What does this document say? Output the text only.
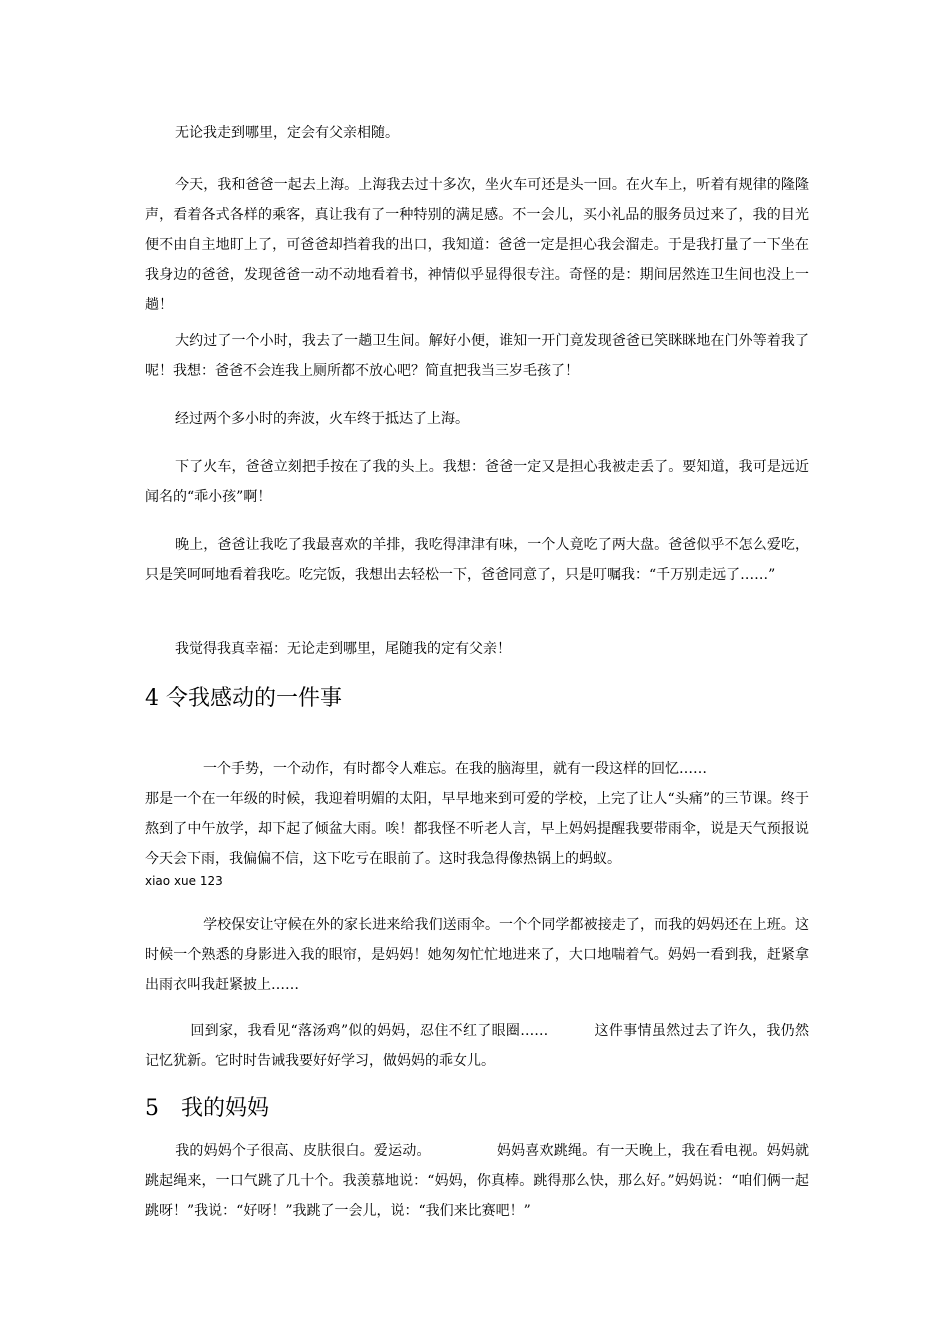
无论我走到哪里，定会有父亲相随。

今天，我和爸爸一起去上海。上海我去过十多次，坐火车可还是头一回。在火车上，听着有规律的隆隆声，看着各式各样的乘客，真让我有了一种特别的满足感。不一会儿，买小礼品的服务员过来了，我的目光便不由自主地盯上了，可爸爸却挡着我的出口，我知道：爸爸一定是担心我会溜走。于是我打量了一下坐在我身边的爸爸，发现爸爸一动不动地看着书，神情似乎显得很专注。奇怪的是：期间居然连卫生间也没上一趟！

大约过了一个小时，我去了一趟卫生间。解好小便，谁知一开门竟发现爸爸已笑眯眯地在门外等着我了呢！我想：爸爸不会连我上厕所都不放心吧？简直把我当三岁毛孩了！

经过两个多小时的奔波，火车终于抵达了上海。

下了火车，爸爸立刻把手按在了我的头上。我想：爸爸一定又是担心我被走丢了。要知道，我可是远近闻名的“乖小孩”啊！

晚上，爸爸让我吃了我最喜欢的羊排，我吃得津津有味，一个人竟吃了两大盘。爸爸似乎不怎么爱吃，只是笑呵呵地看着我吃。吃完饭，我想出去轻松一下，爸爸同意了，只是叮嘱我：“千万别走远了……”

我觉得我真幸福：无论走到哪里，尾随我的定有父亲！

4 令我感动的一件事

一个手势，一个动作，有时都令人难忘。在我的脑海里，就有一段这样的回忆……
那是一个在一年级的时候，我迎着明媚的太阳，早早地来到可爱的学校，上完了让人“头痛”的三节课。终于熬到了中午放学，却下起了倾盆大雨。唉！都我怪不听老人言，早上妈妈提醒我要带雨伞，说是天气预报说今天会下雨，我偏偏不信，这下吃亏在眼前了。这时我急得像热锅上的蚂蚁。

xiao xue 123

学校保安让守候在外的家长进来给我们送雨伞。一个个同学都被接走了，而我的妈妈还在上班。这时候一个熟悉的身影进入我的眼帘，是妈妈！她匆匆忙忙地进来了，大口地喘着气。妈妈一看到我，赶紧拿出雨衣叫我赶紧披上……

回到家，我看见“落汤鸡”似的妈妈，忍住不红了眼圈……	这件事情虽然过去了许久，我仍然记忆犹新。它时时告诫我要好好学习，做妈妈的乖女儿。

5　我的妈妈

我的妈妈个子很高、皮肤很白。爱运动。	妈妈喜欢跳绳。有一天晚上，我在看电视。妈妈就跳起绳来，一口气跳了几十个。我羡慕地说：“妈妈，你真棒。跳得那么快，那么好。”妈妈说：“咱们俩一起跳呀！”我说：“好呀！”我跳了一会儿，说：“我们来比赛吧！”
